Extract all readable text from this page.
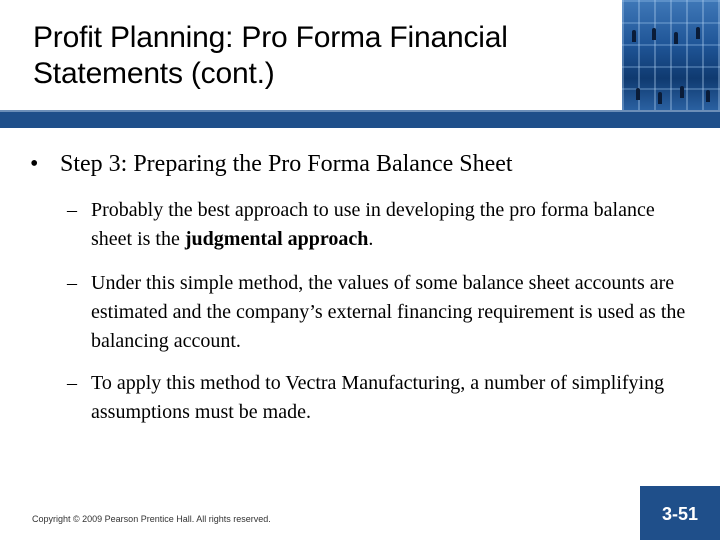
Profit Planning: Pro Forma Financial Statements (cont.)
• Step 3: Preparing the Pro Forma Balance Sheet
– Probably the best approach to use in developing the pro forma balance sheet is the judgmental approach.
– Under this simple method, the values of some balance sheet accounts are estimated and the company’s external financing requirement is used as the balancing account.
– To apply this method to Vectra Manufacturing, a number of simplifying assumptions must be made.
Copyright © 2009 Pearson Prentice Hall. All rights reserved.	3-51
